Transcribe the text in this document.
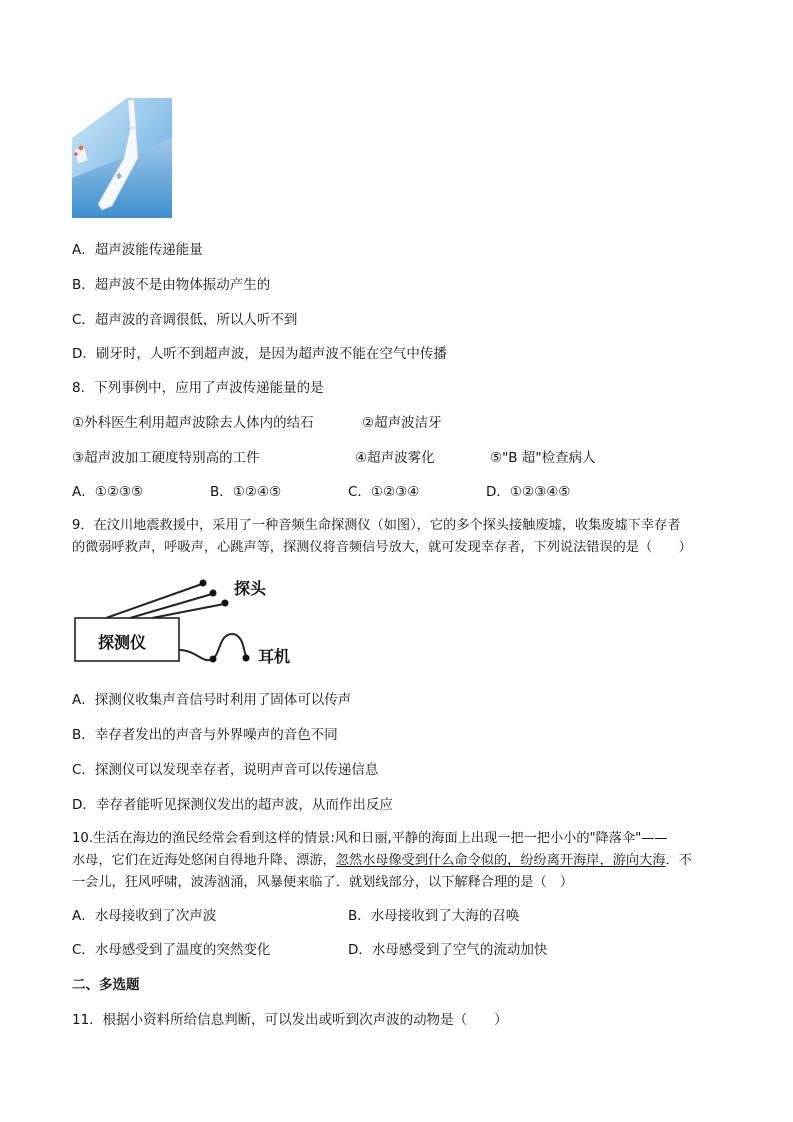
A．超声波能传递能量
B．超声波不是由物体振动产生的
C．超声波的音调很低，所以人听不到
D．刷牙时，人听不到超声波，是因为超声波不能在空气中传播
8．下列事例中，应用了声波传递能量的是
①外科医生利用超声波除去人体内的结石	②超声波洁牙
③超声波加工硬度特别高的工件	④超声波雾化	⑤"B 超"检查病人
A．①②③⑤	B．①②④⑤	C．①②③④	D．①②③④⑤
9．在汶川地震救援中，采用了一种音频生命探测仪（如图），它的多个探头接触废墟，收集废墟下幸存者
的微弱呼救声，呼吸声，心跳声等，探测仪将音频信号放大，就可发现幸存者，下列说法错误的是（　　）
探头
探测仪
耳机
A．探测仪收集声音信号时利用了固体可以传声
B．幸存者发出的声音与外界噪声的音色不同
C．探测仪可以发现幸存者，说明声音可以传递信息
D．幸存者能听见探测仪发出的超声波，从而作出反应
10.生活在海边的渔民经常会看到这样的情景:风和日丽,平静的海面上出现一把一把小小的"降落伞"——
水母，它们在近海处悠闲自得地升降、漂游，忽然水母像受到什么命令似的，纷纷离开海岸，游向大海．不
一会儿，狂风呼啸，波涛汹涌，风暴便来临了．就划线部分，以下解释合理的是（　）
A．水母接收到了次声波	B．水母接收到了大海的召唤
C．水母感受到了温度的突然变化	D．水母感受到了空气的流动加快
二、多选题
11．根据小资料所给信息判断，可以发出或听到次声波的动物是（　　）
